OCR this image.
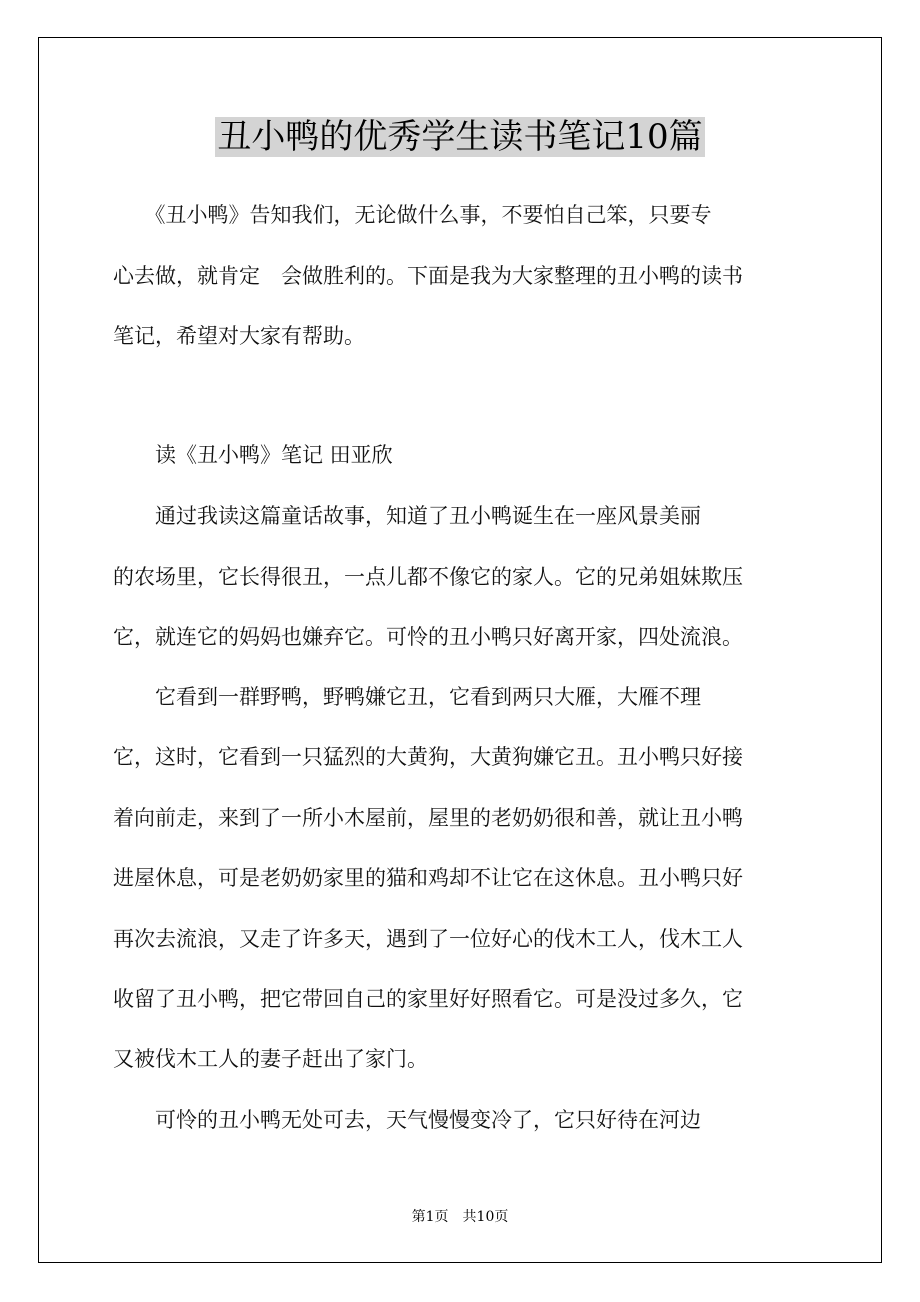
丑小鸭的优秀学生读书笔记10篇
　　《丑小鸭》告知我们，无论做什么事，不要怕自己笨，只要专
心去做，就肯定　会做胜利的。下面是我为大家整理的丑小鸭的读书
笔记，希望对大家有帮助。
　　读《丑小鸭》笔记 田亚欣
　　通过我读这篇童话故事，知道了丑小鸭诞生在一座风景美丽
的农场里，它长得很丑，一点儿都不像它的家人。它的兄弟姐妹欺压
它，就连它的妈妈也嫌弃它。可怜的丑小鸭只好离开家，四处流浪。
　　它看到一群野鸭，野鸭嫌它丑，它看到两只大雁，大雁不理
它，这时，它看到一只猛烈的大黄狗，大黄狗嫌它丑。丑小鸭只好接
着向前走，来到了一所小木屋前，屋里的老奶奶很和善，就让丑小鸭
进屋休息，可是老奶奶家里的猫和鸡却不让它在这休息。丑小鸭只好
再次去流浪，又走了许多天，遇到了一位好心的伐木工人，伐木工人
收留了丑小鸭，把它带回自己的家里好好照看它。可是没过多久，它
又被伐木工人的妻子赶出了家门。
　　可怜的丑小鸭无处可去，天气慢慢变冷了，它只好待在河边
第1页　共10页
